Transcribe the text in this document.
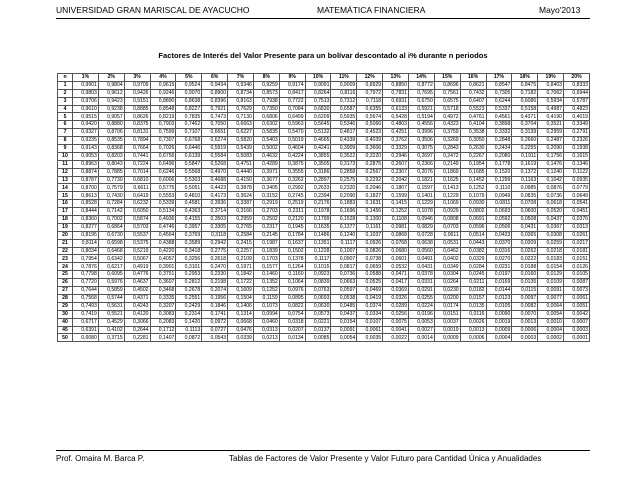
UNIVERSIDAD GRAN MARISCAL DE AYACUCHO	MATEMÁTICA FINANCIERA	Mayo'2013
Factores de Interés del Valor Presente para un bolívar descontado al i% durante n periodos
n	1%	2%	3%	4%	5%	6%	7%	8%	9%	10%	11%	12%	13%	14%	15%	16%	17%	18%	19%	20%
1	0,9901	0,9804	0,9709	0,9615	0,9524	0,9434	0,9346	0,9259	0,9174	0,9091	0,9009	0,8929	0,8850	0,8772	0,8696	0,8621	0,8547	0,8475	0,8403	0,8333
2	0,9803	0,9612	0,9426	0,9246	0,9070	0,8900	0,8734	0,8573	0,8417	0,8264	0,8116	0,7972	0,7831	0,7695	0,7561	0,7432	0,7305	0,7182	0,7062	0,6944
3	0,9706	0,9423	0,9151	0,8890	0,8638	0,8396	0,8163	0,7938	0,7722	0,7513	0,7312	0,7118	0,6931	0,6750	0,6575	0,6407	0,6244	0,6086	0,5934	0,5787
4	0,9610	0,9238	0,8885	0,8548	0,8227	0,7921	0,7629	0,7350	0,7084	0,6830	0,6587	0,6355	0,6133	0,5921	0,5718	0,5523	0,5337	0,5158	0,4987	0,4823
5	0,9515	0,9057	0,8626	0,8219	0,7835	0,7473	0,7130	0,6806	0,6499	0,6209	0,5935	0,5674	0,5428	0,5194	0,4972	0,4761	0,4561	0,4371	0,4190	0,4019
6	0,9420	0,8880	0,8375	0,7903	0,7462	0,7050	0,6663	0,6302	0,5963	0,5645	0,5346	0,5066	0,4803	0,4556	0,4323	0,4104	0,3898	0,3704	0,3521	0,3349
7	0,9327	0,8706	0,8131	0,7599	0,7107	0,6651	0,6227	0,5835	0,5470	0,5132	0,4817	0,4523	0,4251	0,3996	0,3759	0,3538	0,3332	0,3139	0,2959	0,2791
8	0,9235	0,8535	0,7894	0,7307	0,6768	0,6274	0,5820	0,5403	0,5019	0,4665	0,4339	0,4039	0,3762	0,3506	0,3269	0,3050	0,2848	0,2660	0,2487	0,2326
9	0,9143	0,8368	0,7664	0,7026	0,6446	0,5919	0,5439	0,5002	0,4604	0,4241	0,3909	0,3606	0,3329	0,3075	0,2843	0,2630	0,2434	0,2255	0,2090	0,1938
10	0,9053	0,8203	0,7441	0,6756	0,6139	0,5584	0,5083	0,4632	0,4224	0,3855	0,3522	0,3220	0,2946	0,2697	0,2472	0,2267	0,2080	0,1911	0,1756	0,1615
11	0,8963	0,8043	0,7224	0,6496	0,5847	0,5268	0,4751	0,4289	0,3875	0,3505	0,3173	0,2875	0,2607	0,2366	0,2149	0,1954	0,1778	0,1619	0,1476	0,1346
12	0,8874	0,7885	0,7014	0,6246	0,5568	0,4970	0,4440	0,3971	0,3555	0,3186	0,2858	0,2567	0,2307	0,2076	0,1869	0,1685	0,1520	0,1372	0,1240	0,1122
13	0,8787	0,7730	0,6810	0,6006	0,5303	0,4688	0,4150	0,3677	0,3262	0,2897	0,2575	0,2292	0,2042	0,1821	0,1625	0,1452	0,1299	0,1163	0,1042	0,0935
14	0,8700	0,7579	0,6611	0,5775	0,5051	0,4423	0,3878	0,3405	0,2992	0,2633	0,2320	0,2046	0,1807	0,1597	0,1413	0,1252	0,1110	0,0985	0,0876	0,0779
15	0,8613	0,7430	0,6419	0,5553	0,4810	0,4173	0,3624	0,3152	0,2745	0,2394	0,2090	0,1827	0,1599	0,1401	0,1229	0,1079	0,0949	0,0835	0,0736	0,0649
16	0,8528	0,7284	0,6232	0,5339	0,4581	0,3936	0,3387	0,2919	0,2519	0,2176	0,1883	0,1631	0,1415	0,1229	0,1069	0,0930	0,0811	0,0708	0,0618	0,0541
17	0,8444	0,7142	0,6050	0,5134	0,4363	0,3714	0,3166	0,2703	0,2311	0,1978	0,1696	0,1456	0,1252	0,1078	0,0929	0,0802	0,0693	0,0600	0,0520	0,0451
18	0,8360	0,7002	0,5874	0,4936	0,4155	0,3503	0,2959	0,2502	0,2120	0,1799	0,1528	0,1300	0,1108	0,0946	0,0808	0,0691	0,0592	0,0508	0,0437	0,0376
19	0,8277	0,6864	0,5703	0,4746	0,3957	0,3305	0,2765	0,2317	0,1945	0,1635	0,1377	0,1161	0,0981	0,0829	0,0703	0,0596	0,0506	0,0431	0,0367	0,0313
20	0,8195	0,6730	0,5537	0,4564	0,3769	0,3118	0,2584	0,2145	0,1784	0,1486	0,1240	0,1037	0,0868	0,0728	0,0611	0,0514	0,0433	0,0365	0,0308	0,0261
21	0,8114	0,6598	0,5375	0,4388	0,3589	0,2942	0,2415	0,1987	0,1637	0,1351	0,1117	0,0926	0,0768	0,0638	0,0531	0,0443	0,0370	0,0309	0,0259	0,0217
22	0,8034	0,6468	0,5219	0,4220	0,3418	0,2775	0,2257	0,1839	0,1502	0,1228	0,1007	0,0826	0,0680	0,0560	0,0462	0,0382	0,0316	0,0262	0,0218	0,0181
23	0,7954	0,6342	0,5067	0,4057	0,3256	0,2618	0,2109	0,1703	0,1378	0,1117	0,0907	0,0738	0,0601	0,0491	0,0402	0,0329	0,0270	0,0222	0,0183	0,0151
24	0,7876	0,6217	0,4919	0,3901	0,3101	0,2470	0,1971	0,1577	0,1264	0,1015	0,0817	0,0659	0,0532	0,0431	0,0349	0,0284	0,0231	0,0188	0,0154	0,0126
25	0,7798	0,6095	0,4776	0,3751	0,2953	0,2330	0,1842	0,1460	0,1160	0,0923	0,0736	0,0588	0,0471	0,0378	0,0304	0,0245	0,0197	0,0160	0,0129	0,0105
26	0,7720	0,5976	0,4637	0,3607	0,2812	0,2198	0,1722	0,1352	0,1064	0,0839	0,0663	0,0525	0,0417	0,0331	0,0264	0,0211	0,0169	0,0135	0,0109	0,0087
27	0,7644	0,5859	0,4502	0,3468	0,2678	0,2074	0,1609	0,1252	0,0976	0,0763	0,0597	0,0469	0,0369	0,0291	0,0230	0,0182	0,0144	0,0115	0,0091	0,0073
28	0,7568	0,5744	0,4371	0,3335	0,2551	0,1956	0,1504	0,1159	0,0895	0,0693	0,0538	0,0419	0,0326	0,0255	0,0200	0,0157	0,0123	0,0097	0,0077	0,0061
29	0,7493	0,5631	0,4243	0,3207	0,2429	0,1846	0,1406	0,1073	0,0822	0,0630	0,0485	0,0374	0,0289	0,0224	0,0174	0,0135	0,0105	0,0082	0,0064	0,0051
30	0,7419	0,5521	0,4120	0,3083	0,2314	0,1741	0,1314	0,0994	0,0754	0,0573	0,0437	0,0334	0,0256	0,0196	0,0151	0,0116	0,0090	0,0070	0,0054	0,0042
40	0,6717	0,4529	0,3066	0,2083	0,1420	0,0972	0,0668	0,0460	0,0318	0,0221	0,0154	0,0107	0,0075	0,0053	0,0037	0,0026	0,0019	0,0013	0,0010	0,0007
45	0,6391	0,4102	0,2644	0,1712	0,1113	0,0727	0,0476	0,0313	0,0207	0,0137	0,0091	0,0061	0,0041	0,0027	0,0019	0,0013	0,0009	0,0006	0,0004	0,0003
50	0,6080	0,3715	0,2281	0,1407	0,0872	0,0543	0,0339	0,0213	0,0134	0,0085	0,0054	0,0035	0,0022	0,0014	0,0009	0,0006	0,0004	0,0003	0,0002	0,0001
Prof. Omaira M. Barca P.	Tablas de Factores de Valor Presente y Valor Futuro para Cantidad Única y Anualidades
